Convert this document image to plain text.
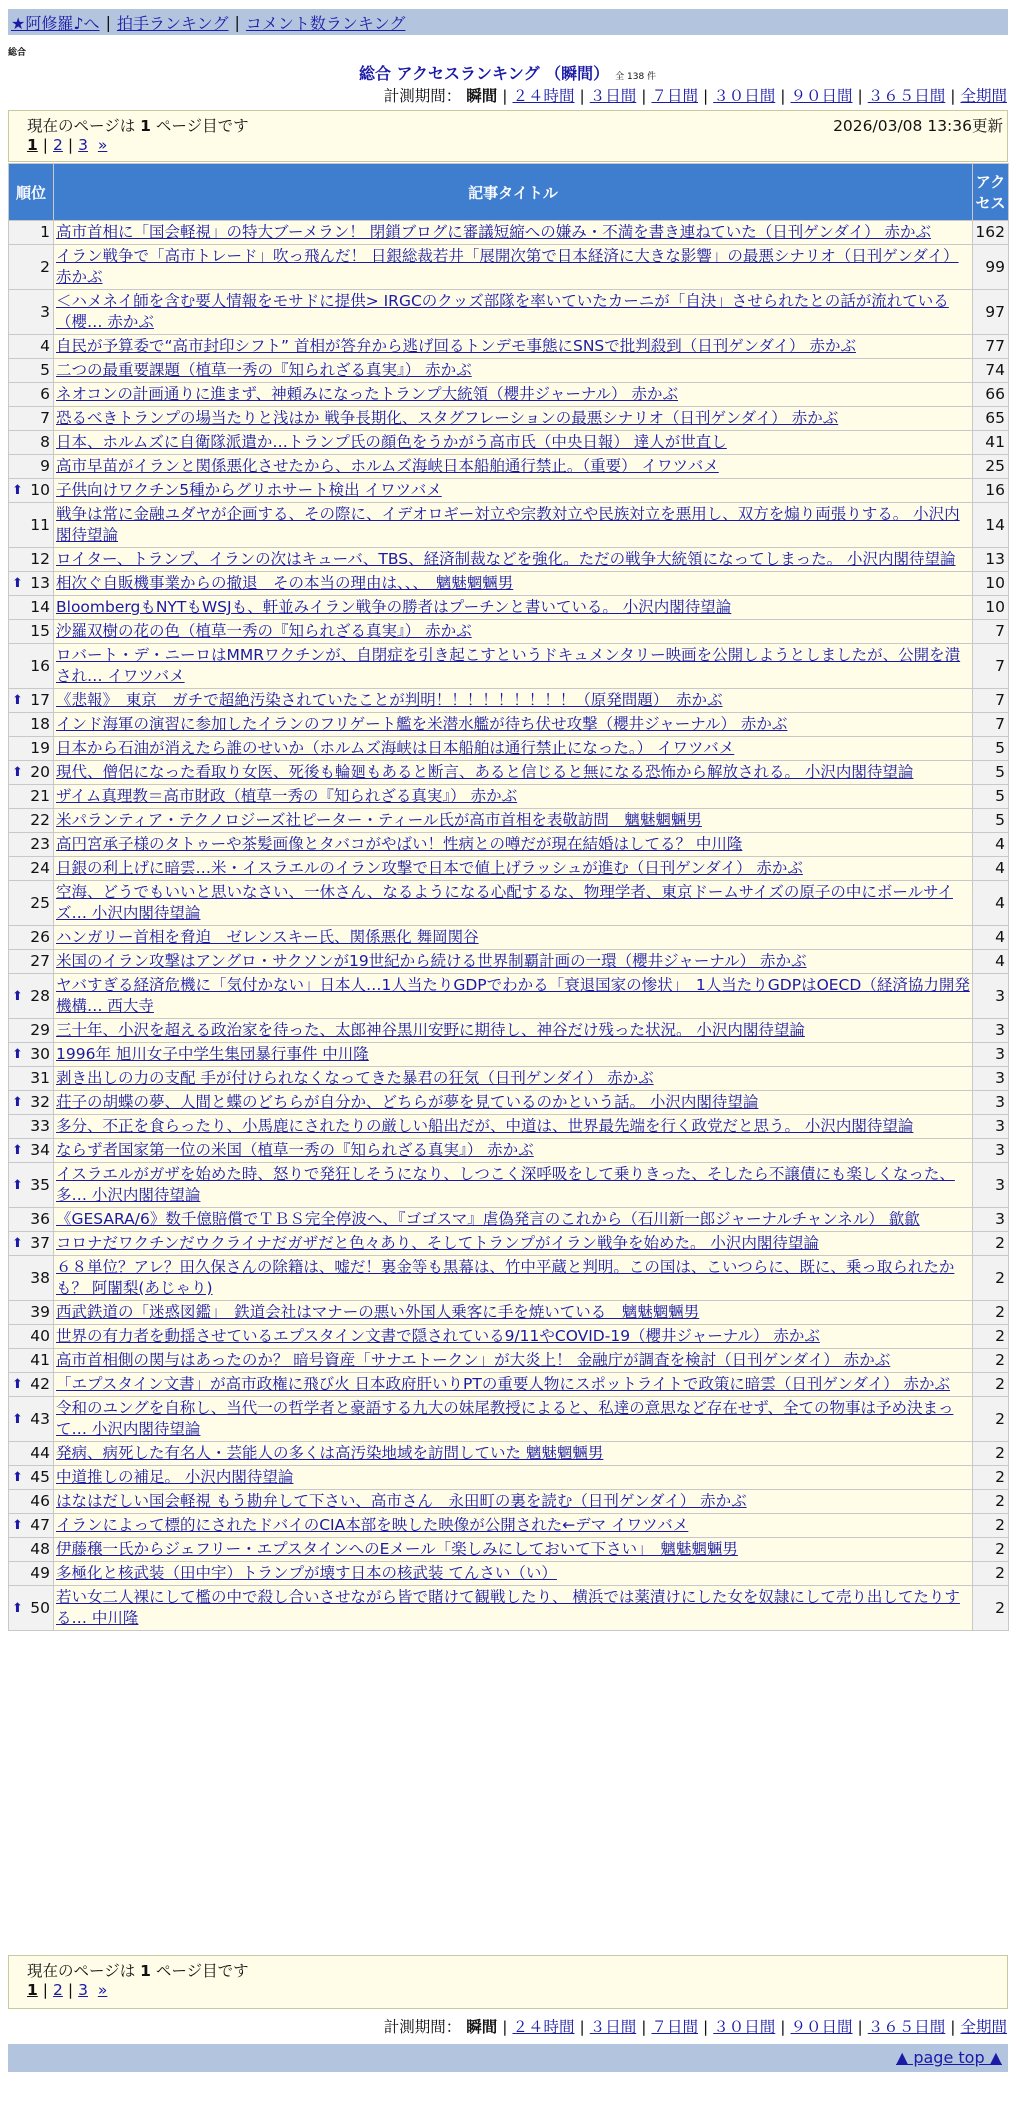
★阿修羅♪へ | 拍手ランキング | コメント数ランキング
総合
総合 アクセスランキング （瞬間） 全 138 件
計測期間： 瞬間 | ２４時間 | ３日間 | ７日間 | ３０日間 | ９０日間 | ３６５日間 | 全期間
現在のページは 1 ページ目です	2026/03/08 13:36更新
1 | 2 | 3 »
順位	記事タイトル	アクセス
1	高市首相に「国会軽視」の特大ブーメラン！ 閉鎖ブログに審議短縮への嫌み・不満を書き連ねていた（日刊ゲンダイ） 赤かぶ	162
2	イラン戦争で「高市トレード」吹っ飛んだ！ 日銀総裁若井「展開次第で日本経済に大きな影響」の最悪シナリオ（日刊ゲンダイ） 赤かぶ	99
3	＜ハメネイ師を含む要人情報をモサドに提供> IRGCのクッズ部隊を率いていたカーニが「自決」させられたとの話が流れている（櫻… 赤かぶ	97
4	自民が予算委で“高市封印シフト” 首相が答弁から逃げ回るトンデモ事態にSNSで批判殺到（日刊ゲンダイ） 赤かぶ	77
5	二つの最重要課題（植草一秀の『知られざる真実』） 赤かぶ	74
6	ネオコンの計画通りに進まず、神頼みになったトランプ大統領（櫻井ジャーナル） 赤かぶ	66
7	恐るべきトランプの場当たりと浅はか 戦争長期化、スタグフレーションの最悪シナリオ（日刊ゲンダイ） 赤かぶ	65
8	日本、ホルムズに自衛隊派遣か…トランプ氏の顔色をうかがう高市氏（中央日報） 達人が世直し	41
9	高市早苗がイランと関係悪化させたから、ホルムズ海峡日本船舶通行禁止。（重要） イワツバメ	25

⬆ 10	子供向けワクチン5種からグリホサート検出 イワツバメ	16
11	戦争は常に金融ユダヤが企画する、その際に、イデオロギー対立や宗教対立や民族対立を悪用し、双方を煽り両張りする。 小沢内閣待望論	14
12	ロイター、トランプ、イランの次はキューバ、TBS、経済制裁などを強化。ただの戦争大統領になってしまった。 小沢内閣待望論	13

⬆ 13	相次ぐ自販機事業からの撤退　その本当の理由は、、、　魑魅魍魎男	10
14	BloombergもNYTもWSJも、軒並みイラン戦争の勝者はプーチンと書いている。 小沢内閣待望論	10
15	沙羅双樹の花の色（植草一秀の『知られざる真実』） 赤かぶ	7
16	ロバート・デ・ニーロはMMRワクチンが、自閉症を引き起こすというドキュメンタリー映画を公開しようとしましたが、公開を潰され… イワツバメ	7

⬆ 17	《悲報》　東京　ガチで超絶汚染されていたことが判明！！！！！！！！！（原発問題）　赤かぶ	7
18	インド海軍の演習に参加したイランのフリゲート艦を米潜水艦が待ち伏せ攻撃（櫻井ジャーナル） 赤かぶ	7
19	日本から石油が消えたら誰のせいか（ホルムズ海峡は日本船舶は通行禁止になった。） イワツバメ	5

⬆ 20	現代、僧侶になった看取り女医、死後も輪廻もあると断言、あると信じると無になる恐怖から解放される。 小沢内閣待望論	5
21	ザイム真理教＝高市財政（植草一秀の『知られざる真実』） 赤かぶ	5
22	米パランティア・テクノロジーズ社ピーター・ティール氏が高市首相を表敬訪問　魑魅魍魎男	5
23	高円宮承子様のタトゥーや茶髪画像とタバコがやばい！性病との噂だが現在結婚はしてる？ 中川隆	4
24	日銀の利上げに暗雲…米・イスラエルのイラン攻撃で日本で値上げラッシュが進む（日刊ゲンダイ） 赤かぶ	4
25	空海、どうでもいいと思いなさい、一休さん、なるようになる心配するな、物理学者、東京ドームサイズの原子の中にボールサイズ… 小沢内閣待望論	4
26	ハンガリー首相を脅迫　ゼレンスキー氏、関係悪化 舞岡関谷	4
27	米国のイラン攻撃はアングロ・サクソンが19世紀から続ける世界制覇計画の一環（櫻井ジャーナル） 赤かぶ	4

⬆ 28	ヤバすぎる経済危機に「気付かない」日本人…1人当たりGDPでわかる「衰退国家の惨状」　1人当たりGDPはOECD（経済協力開発機構… 西大寺	3
29	三十年、小沢を超える政治家を待った、太郎神谷黒川安野に期待し、神谷だけ残った状況。 小沢内閣待望論	3

⬆ 30	1996年 旭川女子中学生集団暴行事件 中川隆	3
31	剥き出しの力の支配 手が付けられなくなってきた暴君の狂気（日刊ゲンダイ） 赤かぶ	3

⬆ 32	荘子の胡蝶の夢、人間と蝶のどちらが自分か、どちらが夢を見ているのかという話。 小沢内閣待望論	3
33	多分、不正を食らったり、小馬鹿にされたりの厳しい船出だが、中道は、世界最先端を行く政党だと思う。 小沢内閣待望論	3

⬆ 34	ならず者国家第一位の米国（植草一秀の『知られざる真実』） 赤かぶ	3

⬆ 35	イスラエルがガザを始めた時、怒りで発狂しそうになり、しつこく深呼吸をして乗りきった、そしたら不譲債にも楽しくなった、多… 小沢内閣待望論	3
36	《GESARA/6》数千億賠償でＴＢＳ完全停波へ、『ゴゴスマ』虐偽発言のこれから（石川新一郎ジャーナルチャンネル） 歙歙	3

⬆ 37	コロナだワクチンだウクライナだガザだと色々あり、そしてトランプがイラン戦争を始めた。 小沢内閣待望論	2
38	６８単位？アレ？田久保さんの除籍は、嘘だ！裏金等も黒幕は、竹中平蔵と判明。この国は、こいつらに、既に、乗っ取られたかも？ 阿闍梨(あじゃり)	2
39	西武鉄道の「迷惑図鑑」　鉄道会社はマナーの悪い外国人乗客に手を焼いている　魑魅魍魎男	2
40	世界の有力者を動揺させているエプスタイン文書で隠されている9/11やCOVID-19（櫻井ジャーナル） 赤かぶ	2
41	高市首相側の関与はあったのか？ 暗号資産「サナエトークン」が大炎上！ 金融庁が調査を検討（日刊ゲンダイ） 赤かぶ	2

⬆ 42	「エプスタイン文書」が高市政権に飛び火 日本政府肝いりPTの重要人物にスポットライトで政策に暗雲（日刊ゲンダイ） 赤かぶ	2

⬆ 43	令和のユングを自称し、当代一の哲学者と豪語する九大の妹尾教授によると、私達の意思など存在せず、全ての物事は予め決まって… 小沢内閣待望論	2
44	発病、病死した有名人・芸能人の多くは高汚染地域を訪問していた 魑魅魍魎男	2

⬆ 45	中道推しの補足。 小沢内閣待望論	2
46	はなはだしい国会軽視 もう勘弁して下さい、高市さん　永田町の裏を読む（日刊ゲンダイ） 赤かぶ	2

⬆ 47	イランによって標的にされたドバイのCIA本部を映した映像が公開された←デマ イワツバメ	2
48	伊藤穣一氏からジェフリー・エプスタインへのEメール「楽しみにしておいて下さい」　魑魅魍魎男	2
49	多極化と核武装（田中宇）トランプが壊す日本の核武装 てんさい（い）	2

⬆ 50	若い女二人裸にして檻の中で殺し合いさせながら皆で賭けて観戦したり、 横浜では薬漬けにした女を奴隷にして売り出してたりする… 中川隆	2
現在のページは 1 ページ目です
1 | 2 | 3 »
計測期間： 瞬間 | ２４時間 | ３日間 | ７日間 | ３０日間 | ９０日間 | ３６５日間 | 全期間
▲ page top ▲
